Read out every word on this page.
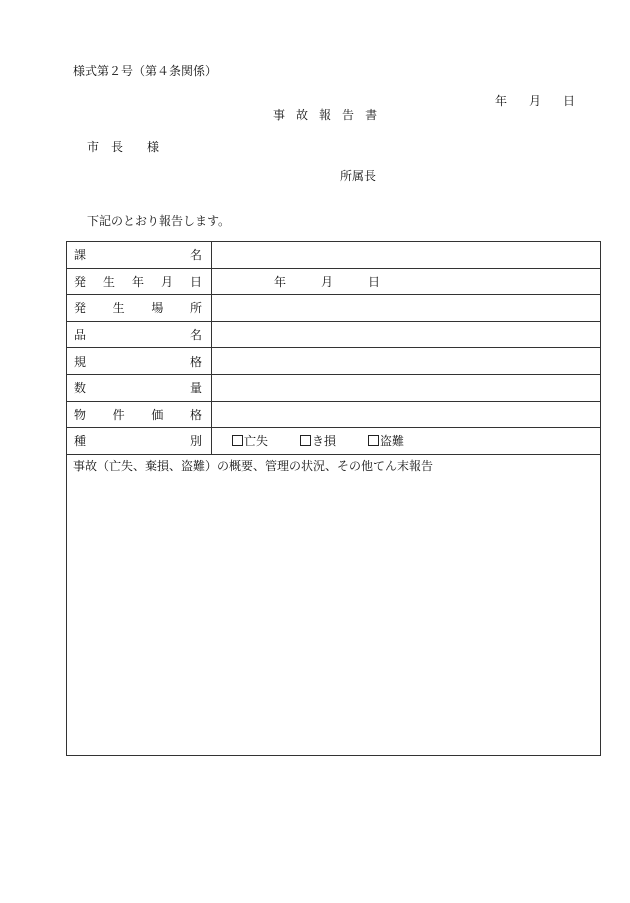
様式第２号（第４条関係）
年 月 日
事故報告書
市 長 様
所属長
下記のとおり報告します。
課 名	

発 生 年 月 日	年 月 日

発 生 場 所	

品 名	

規 格	

数 量	

物 件 価 格	

種 別	亡失 き損 盗難
事故（亡失、棄損、盗難）の概要、管理の状況、その他てん末報告	
